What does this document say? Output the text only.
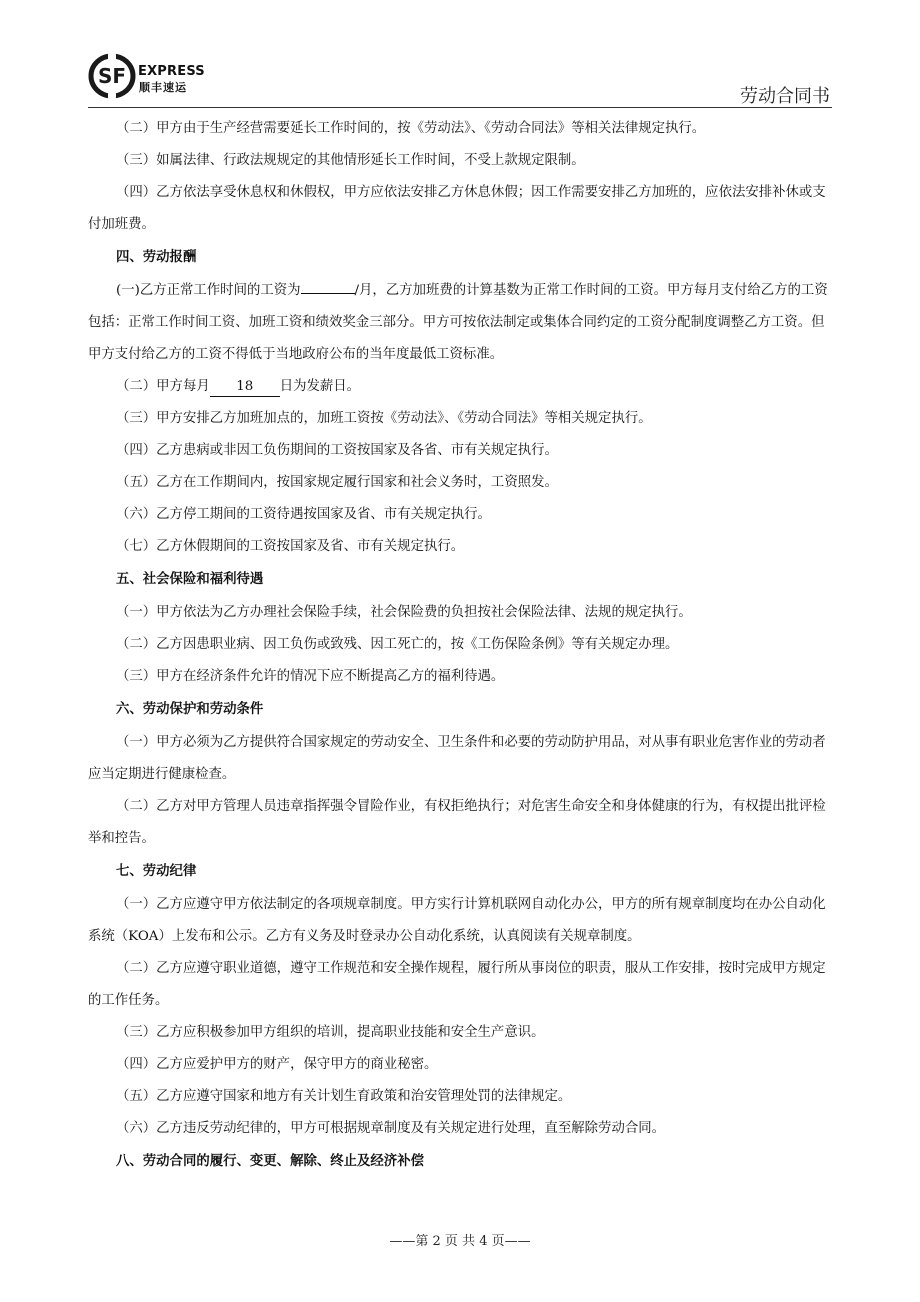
SF EXPRESS
顺丰速运	劳动合同书

（二）甲方由于生产经营需要延长工作时间的，按《劳动法》、《劳动合同法》等相关法律规定执行。

（三）如属法律、行政法规规定的其他情形延长工作时间，不受上款规定限制。

（四）乙方依法享受休息权和休假权，甲方应依法安排乙方休息休假；因工作需要安排乙方加班的，应依法安排补休或支付加班费。

四、劳动报酬

(一)乙方正常工作时间的工资为	/月，乙方加班费的计算基数为正常工作时间的工资。甲方每月支付给乙方的工资包括：正常工作时间工资、加班工资和绩效奖金三部分。甲方可按依法制定或集体合同约定的工资分配制度调整乙方工资。但甲方支付给乙方的工资不得低于当地政府公布的当年度最低工资标准。

（二）甲方每月 18 日为发薪日。

（三）甲方安排乙方加班加点的，加班工资按《劳动法》、《劳动合同法》等相关规定执行。

（四）乙方患病或非因工负伤期间的工资按国家及各省、市有关规定执行。

（五）乙方在工作期间内，按国家规定履行国家和社会义务时，工资照发。

（六）乙方停工期间的工资待遇按国家及省、市有关规定执行。

（七）乙方休假期间的工资按国家及省、市有关规定执行。

五、社会保险和福利待遇

（一）甲方依法为乙方办理社会保险手续，社会保险费的负担按社会保险法律、法规的规定执行。

（二）乙方因患职业病、因工负伤或致残、因工死亡的，按《工伤保险条例》等有关规定办理。

（三）甲方在经济条件允许的情况下应不断提高乙方的福利待遇。

六、劳动保护和劳动条件

（一）甲方必须为乙方提供符合国家规定的劳动安全、卫生条件和必要的劳动防护用品，对从事有职业危害作业的劳动者应当定期进行健康检查。

（二）乙方对甲方管理人员违章指挥强令冒险作业，有权拒绝执行；对危害生命安全和身体健康的行为，有权提出批评检举和控告。

七、劳动纪律

（一）乙方应遵守甲方依法制定的各项规章制度。甲方实行计算机联网自动化办公，甲方的所有规章制度均在办公自动化系统（KOA）上发布和公示。乙方有义务及时登录办公自动化系统，认真阅读有关规章制度。

（二）乙方应遵守职业道德，遵守工作规范和安全操作规程，履行所从事岗位的职责，服从工作安排，按时完成甲方规定的工作任务。

（三）乙方应积极参加甲方组织的培训，提高职业技能和安全生产意识。

（四）乙方应爱护甲方的财产，保守甲方的商业秘密。

（五）乙方应遵守国家和地方有关计划生育政策和治安管理处罚的法律规定。

（六）乙方违反劳动纪律的，甲方可根据规章制度及有关规定进行处理，直至解除劳动合同。

八、劳动合同的履行、变更、解除、终止及经济补偿

——第 2 页 共 4 页——
